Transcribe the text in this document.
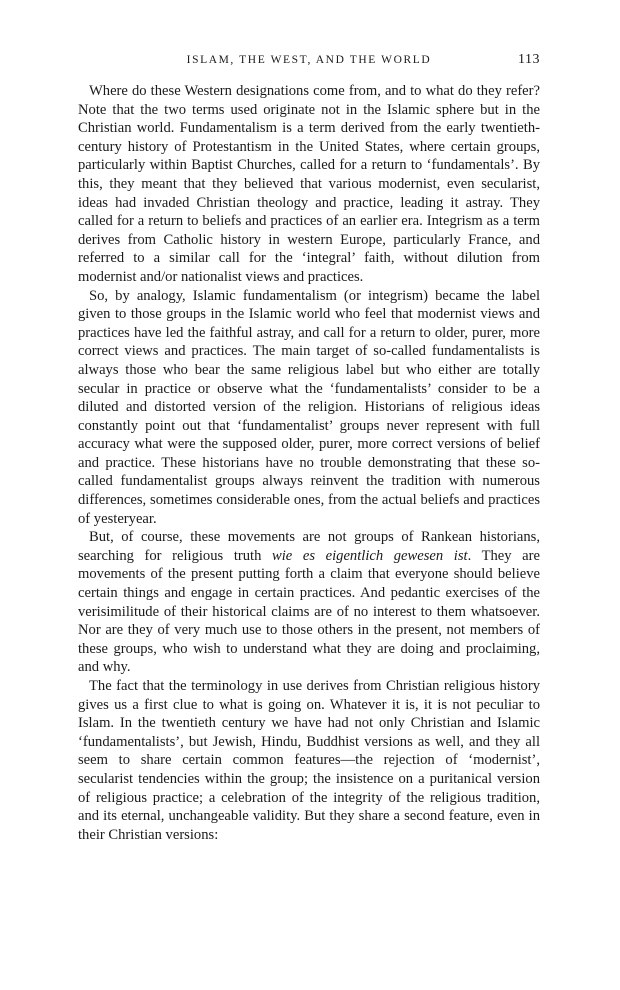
ISLAM, THE WEST, AND THE WORLD	113

Where do these Western designations come from, and to what do they refer? Note that the two terms used originate not in the Islamic sphere but in the Christian world. Fundamentalism is a term derived from the early twentieth-century history of Protestantism in the United States, where certain groups, particularly within Baptist Churches, called for a return to ‘fundamentals’. By this, they meant that they believed that various modernist, even secularist, ideas had invaded Christian theology and practice, leading it astray. They called for a return to beliefs and practices of an earlier era. Integrism as a term derives from Catholic history in western Europe, particularly France, and referred to a similar call for the ‘integral’ faith, without dilution from modernist and/or nationalist views and practices.

So, by analogy, Islamic fundamentalism (or integrism) became the label given to those groups in the Islamic world who feel that modernist views and practices have led the faithful astray, and call for a return to older, purer, more correct views and practices. The main target of so-called fundamentalists is always those who bear the same religious label but who either are totally secular in practice or observe what the ‘fundamentalists’ consider to be a diluted and distorted version of the religion. Historians of religious ideas constantly point out that ‘fundamentalist’ groups never represent with full accuracy what were the supposed older, purer, more correct versions of belief and practice. These historians have no trouble demonstrating that these so-called fundamentalist groups always reinvent the tradition with numerous differences, sometimes considerable ones, from the actual beliefs and practices of yesteryear.

But, of course, these movements are not groups of Rankean historians, searching for religious truth wie es eigentlich gewesen ist. They are movements of the present putting forth a claim that everyone should believe certain things and engage in certain practices. And pedantic exercises of the verisimilitude of their historical claims are of no interest to them whatsoever. Nor are they of very much use to those others in the present, not members of these groups, who wish to understand what they are doing and proclaiming, and why.

The fact that the terminology in use derives from Christian religious history gives us a first clue to what is going on. Whatever it is, it is not peculiar to Islam. In the twentieth century we have had not only Christian and Islamic ‘fundamentalists’, but Jewish, Hindu, Buddhist versions as well, and they all seem to share certain common features—the rejection of ‘modernist’, secularist tendencies within the group; the insistence on a puritanical version of religious practice; a celebration of the integrity of the religious tradition, and its eternal, unchangeable validity. But they share a second feature, even in their Christian versions:
